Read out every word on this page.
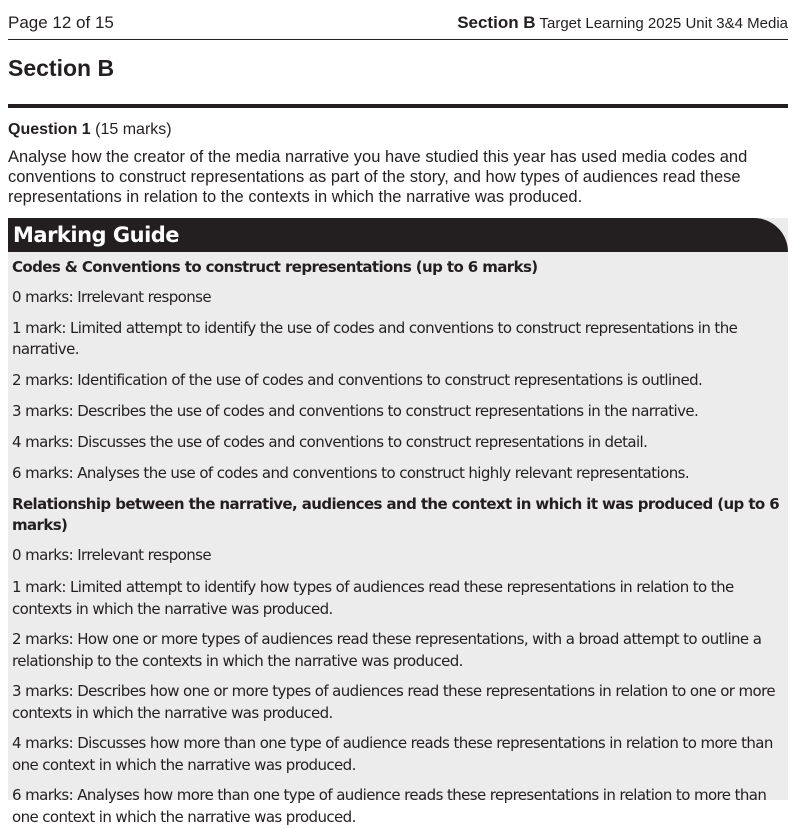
Page 12 of 15	Section B Target Learning 2025 Unit 3&4 Media
Section B
Question 1 (15 marks)
Analyse how the creator of the media narrative you have studied this year has used media codes and conventions to construct representations as part of the story, and how types of audiences read these representations in relation to the contexts in which the narrative was produced.
Marking Guide

Codes & Conventions to construct representations (up to 6 marks)

0 marks: Irrelevant response

1 mark: Limited attempt to identify the use of codes and conventions to construct representations in the narrative.

2 marks: Identification of the use of codes and conventions to construct representations is outlined.

3 marks: Describes the use of codes and conventions to construct representations in the narrative.

4 marks: Discusses the use of codes and conventions to construct representations in detail.

6 marks: Analyses the use of codes and conventions to construct highly relevant representations.

Relationship between the narrative, audiences and the context in which it was produced (up to 6 marks)

0 marks: Irrelevant response

1 mark: Limited attempt to identify how types of audiences read these representations in relation to the contexts in which the narrative was produced.

2 marks: How one or more types of audiences read these representations, with a broad attempt to outline a relationship to the contexts in which the narrative was produced.

3 marks: Describes how one or more types of audiences read these representations in relation to one or more contexts in which the narrative was produced.

4 marks: Discusses how more than one type of audience reads these representations in relation to more than one context in which the narrative was produced.

6 marks: Analyses how more than one type of audience reads these representations in relation to more than one context in which the narrative was produced.
